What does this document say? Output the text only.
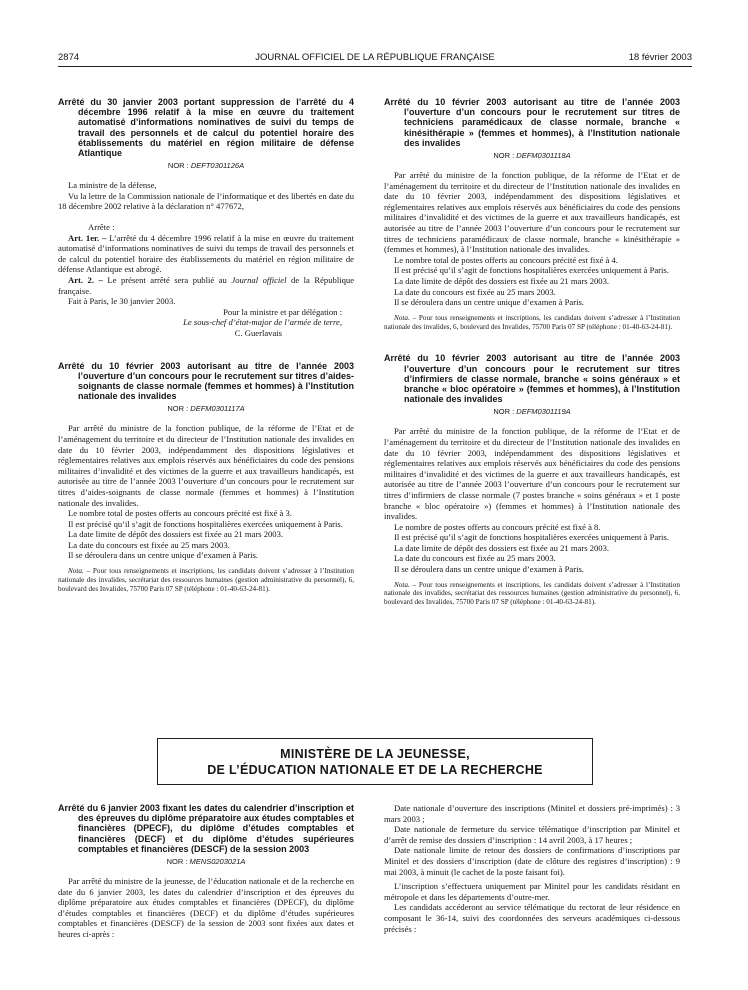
2874	JOURNAL OFFICIEL DE LA RÉPUBLIQUE FRANÇAISE	18 février 2003

Arrêté du 30 janvier 2003 portant suppression de l’arrêté du 4 décembre 1996 relatif à la mise en œuvre du traitement automatisé d’informations nominatives de suivi du temps de travail des personnels et de calcul du potentiel horaire des établissements du matériel en région militaire de défense Atlantique

NOR : DEFT0301126A

La ministre de la défense,

Vu la lettre de la Commission nationale de l’informatique et des libertés en date du 18 décembre 2002 relative à la déclaration n° 477672,

Arrête :

Art. 1er. – L’arrêté du 4 décembre 1996 relatif à la mise en œuvre du traitement automatisé d’informations nominatives de suivi du temps de travail des personnels et de calcul du potentiel horaire des établissements du matériel en région militaire de défense Atlantique est abrogé.

Art. 2. – Le présent arrêté sera publié au Journal officiel de la République française.

Fait à Paris, le 30 janvier 2003.

Pour la ministre et par délégation :

Le sous-chef d’état-major de l’armée de terre,

C. Guerlavais

Arrêté du 10 février 2003 autorisant au titre de l’année 2003 l’ouverture d’un concours pour le recrutement sur titres d’aides-soignants de classe normale (femmes et hommes) à l’Institution nationale des invalides

NOR : DEFM0301117A

Par arrêté du ministre de la fonction publique, de la réforme de l’Etat et de l’aménagement du territoire et du directeur de l’Institution nationale des invalides en date du 10 février 2003, indépendamment des dispositions législatives et réglementaires relatives aux emplois réservés aux bénéficiaires du code des pensions militaires d’invalidité et des victimes de la guerre et aux travailleurs handicapés, est autorisée au titre de l’année 2003 l’ouverture d’un concours pour le recrutement sur titres d’aides-soignants de classe normale (femmes et hommes) à l’Institution nationale des invalides.

Le nombre total de postes offerts au concours précité est fixé à 3.

Il est précisé qu’il s’agit de fonctions hospitalières exercées uniquement à Paris.

La date limite de dépôt des dossiers est fixée au 21 mars 2003.

La date du concours est fixée au 25 mars 2003.

Il se déroulera dans un centre unique d’examen à Paris.

Nota. – Pour tous renseignements et inscriptions, les candidats doivent s’adresser à l’Institution nationale des invalides, secrétariat des ressources humaines (gestion administrative du personnel), 6, boulevard des Invalides, 75700 Paris 07 SP (téléphone : 01-40-63-24-81).

Arrêté du 10 février 2003 autorisant au titre de l’année 2003 l’ouverture d’un concours pour le recrutement sur titres de techniciens paramédicaux de classe normale, branche « kinésithérapie » (femmes et hommes), à l’Institution nationale des invalides

NOR : DEFM0301118A

Par arrêté du ministre de la fonction publique, de la réforme de l’Etat et de l’aménagement du territoire et du directeur de l’Institution nationale des invalides en date du 10 février 2003, indépendamment des dispositions législatives et réglementaires relatives aux emplois réservés aux bénéficiaires du code des pensions militaires d’invalidité et des victimes de la guerre et aux travailleurs handicapés, est autorisée au titre de l’année 2003 l’ouverture d’un concours pour le recrutement sur titres de techniciens paramédicaux de classe normale, branche « kinésithérapie » (femmes et hommes), à l’Institution nationale des invalides.

Le nombre total de postes offerts au concours précité est fixé à 4.

Il est précisé qu’il s’agit de fonctions hospitalières exercées uniquement à Paris.

La date limite de dépôt des dossiers est fixée au 21 mars 2003.

La date du concours est fixée au 25 mars 2003.

Il se déroulera dans un centre unique d’examen à Paris.

Nota. – Pour tous renseignements et inscriptions, les candidats doivent s’adresser à l’Institution nationale des invalides, 6, boulevard des Invalides, 75700 Paris 07 SP (téléphone : 01-40-63-24-81).

Arrêté du 10 février 2003 autorisant au titre de l’année 2003 l’ouverture d’un concours pour le recrutement sur titres d’infirmiers de classe normale, branche « soins généraux » et branche « bloc opératoire » (femmes et hommes), à l’Institution nationale des invalides

NOR : DEFM0301119A

Par arrêté du ministre de la fonction publique, de la réforme de l’Etat et de l’aménagement du territoire et du directeur de l’Institution nationale des invalides en date du 10 février 2003, indépendamment des dispositions législatives et réglementaires relatives aux emplois réservés aux bénéficiaires du code des pensions militaires d’invalidité et des victimes de la guerre et aux travailleurs handicapés, est autorisée au titre de l’année 2003 l’ouverture d’un concours pour le recrutement sur titres d’infirmiers de classe normale (7 postes branche « soins généraux » et 1 poste branche « bloc opératoire ») (femmes et hommes) à l’Institution nationale des invalides.

Le nombre de postes offerts au concours précité est fixé à 8.

Il est précisé qu’il s’agit de fonctions hospitalières exercées uniquement à Paris.

La date limite de dépôt des dossiers est fixée au 21 mars 2003.

La date du concours est fixée au 25 mars 2003.

Il se déroulera dans un centre unique d’examen à Paris.

Nota. – Pour tous renseignements et inscriptions, les candidats doivent s’adresser à l’Institution nationale des invalides, secrétariat des ressources humaines (gestion administrative du personnel), 6, boulevard des Invalides, 75700 Paris 07 SP (téléphone : 01-40-63-24-81).

MINISTÈRE DE LA JEUNESSE,
DE L’ÉDUCATION NATIONALE ET DE LA RECHERCHE

Arrêté du 6 janvier 2003 fixant les dates du calendrier d’inscription et des épreuves du diplôme préparatoire aux études comptables et financières (DPECF), du diplôme d’études comptables et financières (DECF) et du diplôme d’études supérieures comptables et financières (DESCF) de la session 2003

NOR : MENS0203021A

Par arrêté du ministre de la jeunesse, de l’éducation nationale et de la recherche en date du 6 janvier 2003, les dates du calendrier d’inscription et des épreuves du diplôme préparatoire aux études comptables et financières (DPECF), du diplôme d’études comptables et financières (DECF) et du diplôme d’études supérieures comptables et financières (DESCF) de la session de 2003 sont fixées aux dates et heures ci-après :

Date nationale d’ouverture des inscriptions (Minitel et dossiers pré-imprimés) : 3 mars 2003 ;

Date nationale de fermeture du service télématique d’inscription par Minitel et d’arrêt de remise des dossiers d’inscription : 14 avril 2003, à 17 heures ;

Date nationale limite de retour des dossiers de confirmations d’inscriptions par Minitel et des dossiers d’inscription (date de clôture des registres d’inscription) : 9 mai 2003, à minuit (le cachet de la poste faisant foi).

L’inscription s’effectuera uniquement par Minitel pour les candidats résidant en métropole et dans les départements d’outre-mer.

Les candidats accéderont au service télématique du rectorat de leur résidence en composant le 36-14, suivi des coordonnées des serveurs académiques ci-dessous précisés :
